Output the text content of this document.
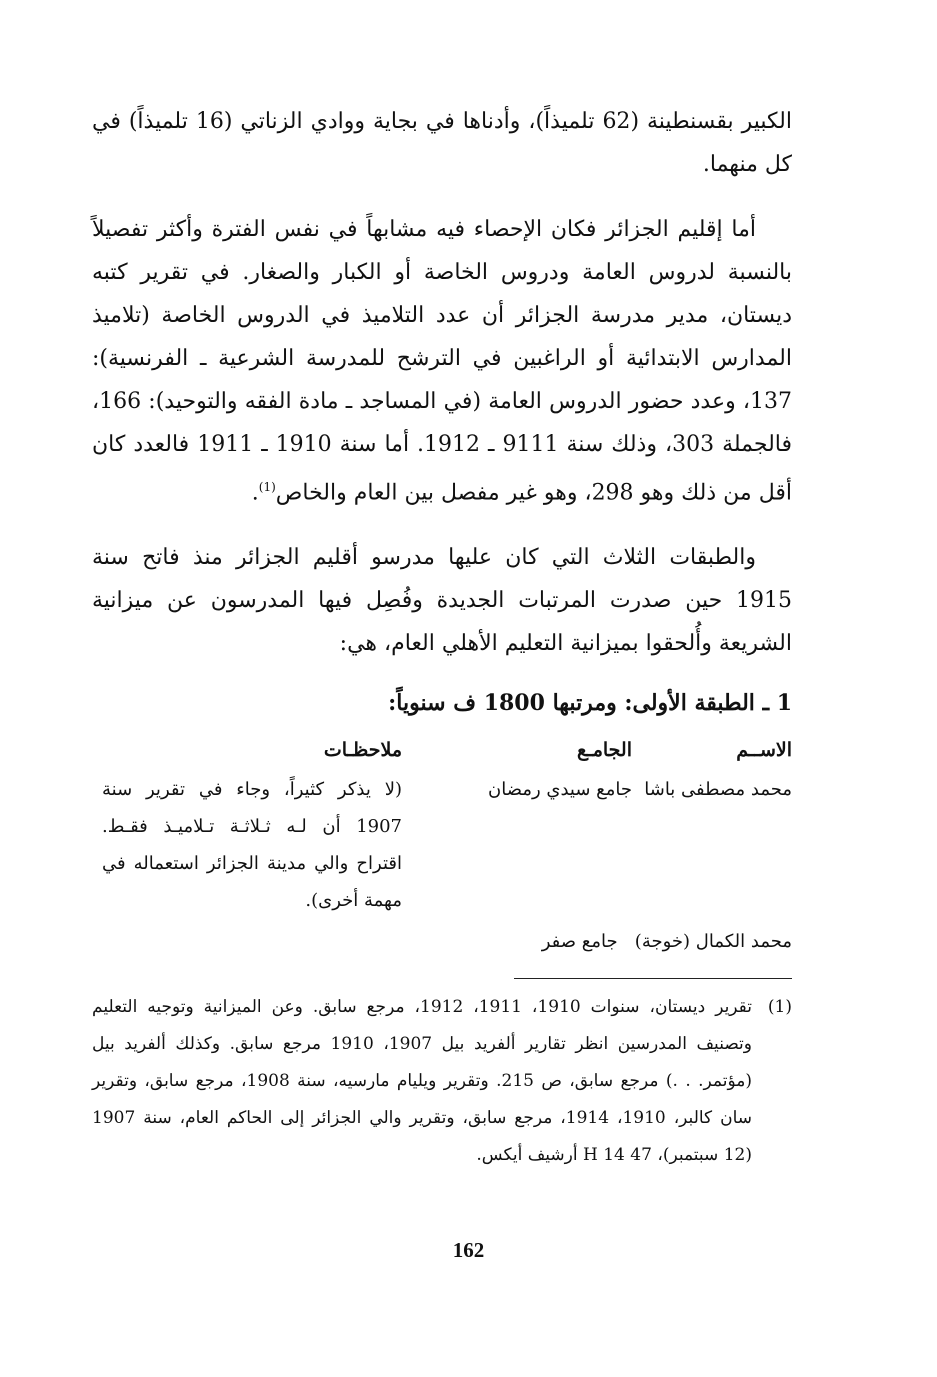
الكبير بقسنطينة (62 تلميذاً)، وأدناها في بجاية ووادي الزناتي (16 تلميذاً) في كل منهما.

أما إقليم الجزائر فكان الإحصاء فيه مشابهاً في نفس الفترة وأكثر تفصيلاً بالنسبة لدروس العامة ودروس الخاصة أو الكبار والصغار. في تقرير كتبه ديستان، مدير مدرسة الجزائر أن عدد التلاميذ في الدروس الخاصة (تلاميذ المدارس الابتدائية أو الراغبين في الترشح للمدرسة الشرعية ـ الفرنسية): 137، وعدد حضور الدروس العامة (في المساجد ـ مادة الفقه والتوحيد): 166، فالجملة 303، وذلك سنة 9111 ـ 1912. أما سنة 1910 ـ 1911 فالعدد كان أقل من ذلك وهو 298، وهو غير مفصل بين العام والخاص$^{(1)}$.

والطبقات الثلاث التي كان عليها مدرسو أقليم الجزائر منذ فاتح سنة 1915 حين صدرت المرتبات الجديدة وفُصِل فيها المدرسون عن ميزانية الشريعة وأُلحقوا بميزانية التعليم الأهلي العام، هي:

1 ـ الطبقة الأولى: ومرتبها 1800 ف سنوياً:
الاســم
الجامـع
ملاحظـات
محمد مصطفى باشا
جامع سيدي رمضان
(لا يذكر كثيراً، وجاء في تقرير سنة 1907 أن لـه ثـلاثـة تـلاميـذ فقـط. اقتراح والي مدينة الجزائر استعماله في مهمة أخرى).
محمد الكمال (خوجة)   جامع صفر
(1)
تقرير ديستان، سنوات 1910، 1911، 1912، مرجع سابق. وعن الميزانية وتوجيه التعليم وتصنيف المدرسين انظر تقارير ألفريد بيل 1907، 1910 مرجع سابق. وكذلك ألفريد بيل (مؤتمر. . .) مرجع سابق، ص 215. وتقرير ويليام مارسيه، سنة 1908، مرجع سابق، وتقرير سان كالبر، 1910، 1914، مرجع سابق، وتقرير والي الجزائر إلى الحاكم العام، سنة 1907 (12 سبتمبر)، 47 H 14 أرشيف أيكس.
162
